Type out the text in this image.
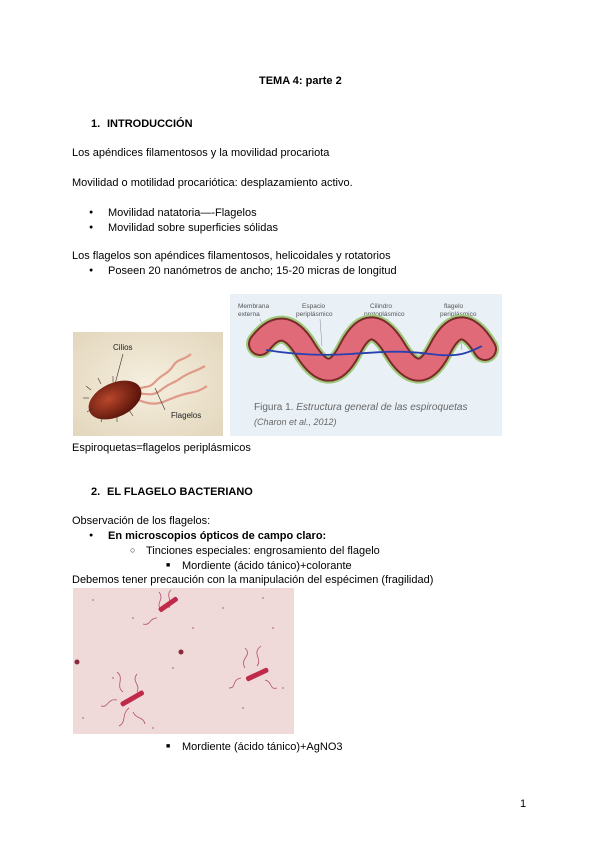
TEMA 4: parte 2
1. INTRODUCCIÓN
Los apéndices filamentosos y la movilidad procariota
Movilidad o motilidad procariótica: desplazamiento activo.
● Movilidad natatoria—-Flagelos
● Movilidad sobre superficies sólidas
Los flagelos son apéndices filamentosos, helicoidales y rotatorios
● Poseen 20 nanómetros de ancho; 15-20 micras de longitud
Cilios
Flagelos
Membrana
externa
Espacio
periplásmico
Cilindro
protoplásmico
flagelo
periplásmico
Figura 1. Estructura general de las espiroquetas
(Charon et al., 2012)
Espiroquetas=flagelos periplásmicos
2. EL FLAGELO BACTERIANO
Observación de los flagelos:
● En microscopios ópticos de campo claro:
○ Tinciones especiales: engrosamiento del flagelo
■ Mordiente (ácido tánico)+colorante
Debemos tener precaución con la manipulación del espécimen (fragilidad)
■ Mordiente (ácido tánico)+AgNO3
1
